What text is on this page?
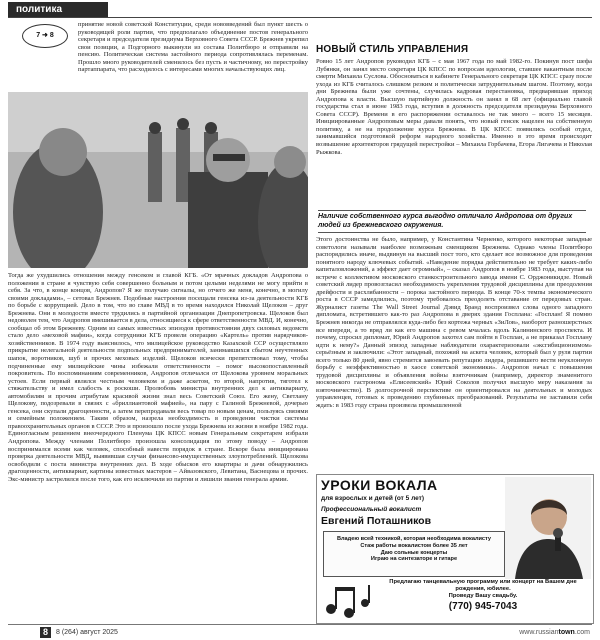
политика
7 ➜ 8
принятие новой советской Конституции, среди нововведений был пункт шесть о руководящей роли партии, что предполагало объединение постов генерального секретаря и председателя президиума Верховного Совета СССР. Брежнев укрепил свои позиции, а Подгорного выкинули из состава Политбюро и отправили на пенсию. Политическая система застойного периода сопротивлялась переменам. Прошло много руководителей сменилось без пусть и частичному, но перестройку партаппарата, что расходилось с интересами многих начальствующих лиц.
Тогда же ухудшились отношения между генсеком и главой КГБ. «От мрачных докладов Андропова о положении в стране я чувствую себя совершенно больным и потом целыми неделями не могу прийти в себя. За что, в конце концов, Андропов? Я же получаю сигналы, но отчего же меня, конечно, в могилу своими докладами», – сетовал Брежнев. Подобные настроения посещали генсека из-за деятельности КГБ по борьбе с коррупцией. Дело в том, что во главе МВД в то время находился Николай Щелоков – друг Брежнева. Они в молодости вместе трудились в партийной организации Днепропетровска. Щелоков был недоволен тем, что Андропов вмешивается в дела, относящиеся к сфере ответственности МВД. И, конечно, сообщал об этом Брежневу. Одним из самых известных эпизодов противостояния двух силовых ведомств стало дело «меховой мафии», когда сотрудники КГБ провели операцию «Картель» против нарядчиков-хозяйственников. В 1974 году выяснилось, что милицейское руководство Казахской ССР осуществляло прикрытие нелегальной деятельности подпольных предпринимателей, занимавшихся сбытом неучтенных шапок, воротников, шуб и прочих меховых изделий. Щелоков всячески препятствовал тому, чтобы подчиненные ему милицейские чины избежали ответственности – помог высокопоставленный покровитель. По воспоминаниям современников, Андропов отличался от Щелокова уровнем моральных устоев. Если первый являлся честным человеком и даже аскетом, то второй, напротив, тяготел к стяжательству и имел слабость к роскоши. Пролюбовь министра внутренних дел к антиквариату, автомобилям и прочим атрибутам красивой жизни знал весь Советский Союз. Его жену, Светлану Щелокову, подозревали в связях с «бриллиантовой мафией», на пару с Галиной Брежневой, дочерью генсека, они скупали драгоценности, а затем перепродавали весь товар по новым ценам, пользуясь связями и семейным положением. Таким образом, назрела необходимость в проведении чистки системы правоохранительных органов в СССР. Это и произошло после ухода Брежнева из жизни в ноябре 1982 года. Единогласным решением внеочередного Пленума ЦК КПСС новым Генеральным секретарем избрали Андропова. Между членами Политбюро произошла консолидация по этому поводу – Андропов воспринимался всеми как человек, способный навести порядок в стране. Вскоре была инициирована проверка деятельности МВД, выявившая случаи финансово-имущественных злоупотреблений. Щелокова освободили с поста министра внутренних дел. В ходе обысков его квартиры и дачи обнаружились драгоценности, антиквариат, картины известных мастеров – Айвазовского, Левитана, Васнецова и прочих. Экс-министр застрелился после того, как его исключили из партии и лишили звания генерала армии.
НОВЫЙ СТИЛЬ УПРАВЛЕНИЯ
Ровно 15 лет Андропов руководил КГБ – с мая 1967 года по май 1982-го. Покинув пост шефа Лубянки, он занял место секретаря ЦК КПСС по вопросам идеологии, ставшее вакантным после смерти Михаила Суслова. Обосноваться в кабинете Генерального секретаря ЦК КПСС сразу после ухода из КГБ считалось слишком резким и политически затруднительным шагом. Поэтому, когда дни Брежнева были уже сочтены, случилась кадровая перестановка, предварявшая приход Андропова к власти. Высшую партийную должность он занял в 68 лет (официально главой государства стал в июне 1983 года, вступив в должность председателя президиума Верховного Совета СССР). Времени в его распоряжении оставалось не так много – всего 15 месяцев. Инициированные Андроповым меры давали понять, что новый генсек нацелен на собственную политику, а не на продолжение курса Брежнева. В ЦК КПСС появились особый отдел, занимавшийся подготовкой реформ народного хозяйства. Именно в это время происходит возвышение архитекторов грядущей перестройки – Михаила Горбачева, Егора Лигачева и Николая Рыжкова.
Наличие собственного курса выгодно отличало Андропова от других людей из брежневского окружения.
Этого достоинства не было, например, у Константина Черненко, которого некоторые западные советологи называли наиболее возможным сменщиком Брежнева. Однако члены Политбюро распорядились иначе, выдвинув на высший пост того, кто сделает все возможное для проведения понятного народу ключевых событий. «Наведение порядка действительно не требует каких-либо капиталовложений, а эффект дает огромный», – сказал Андропов в ноябре 1983 года, выступая на встрече с коллективом московского станкостроительного завода имени С. Орджоникидзе. Новый советский лидер провозгласил необходимость укрепления трудовой дисциплины для преодоления дрейфости и расхлябанности – порока застойного периода. В конце 70-х темпы экономического роста в СССР замедлились, поэтому требовалось преодолеть отставание от передовых стран. Журналист газеты The Wall Street Journal Дэвид Бранд воспроизвел слова одного западного дипломата, встретившего как-то раз Андропова в дверях здания Госплана: «Госплан! Я помню Брежнев никогда не отправлялся куда-либо без кортежа черных «ЗиЛов», наоборот разношерстных все впереди, а то вряд ли как его машина с ревом мчалась вдоль Калининского проспекта. И почему, спросил дипломат, Юрий Андропов захотел сам пойти в Госплан, а не приказал Госплану идти к нему?» Данный эпизод западные наблюдатели охарактеризовали «эксгибиционизмом» серьёзным и заключили: «Этот западный, похожий на аскета человек, который был у руля партии всего только 80 дней, явно стремится завоевать репутацию лидера, решившего вести неуклонную борьбу с неэффективностью в хаосе советской экономики». Андропов начал с повышения трудовой дисциплины и объявления войны взяточникам (например, директор знаменитого московского гастронома «Елисеевский» Юрий Соколов получил высшую меру наказания за взяточничество). В долгосрочной перспективе он ориентировался на деятельных и молодых управленцев, готовых к проведению глубинных преобразований. Результаты не заставили себя ждать: в 1983 году страна произвела промышленной
УРОКИ ВОКАЛА
для взрослых и детей (от 5 лет)
Профессиональный вокалист
Евгений Поташников
Владею всей техникой, которая необходима вокалисту
Стаж работы вокалистом более 35 лет
Даю сольные концерты
Играю на синтезаторе и гитаре
Предлагаю танцевальную программу или концерт на Вашем дне рождения, юбилее.
Проведу Вашу свадьбу.
(770) 945-7043
8	8 (264) август 2025	www.russiantown.com
